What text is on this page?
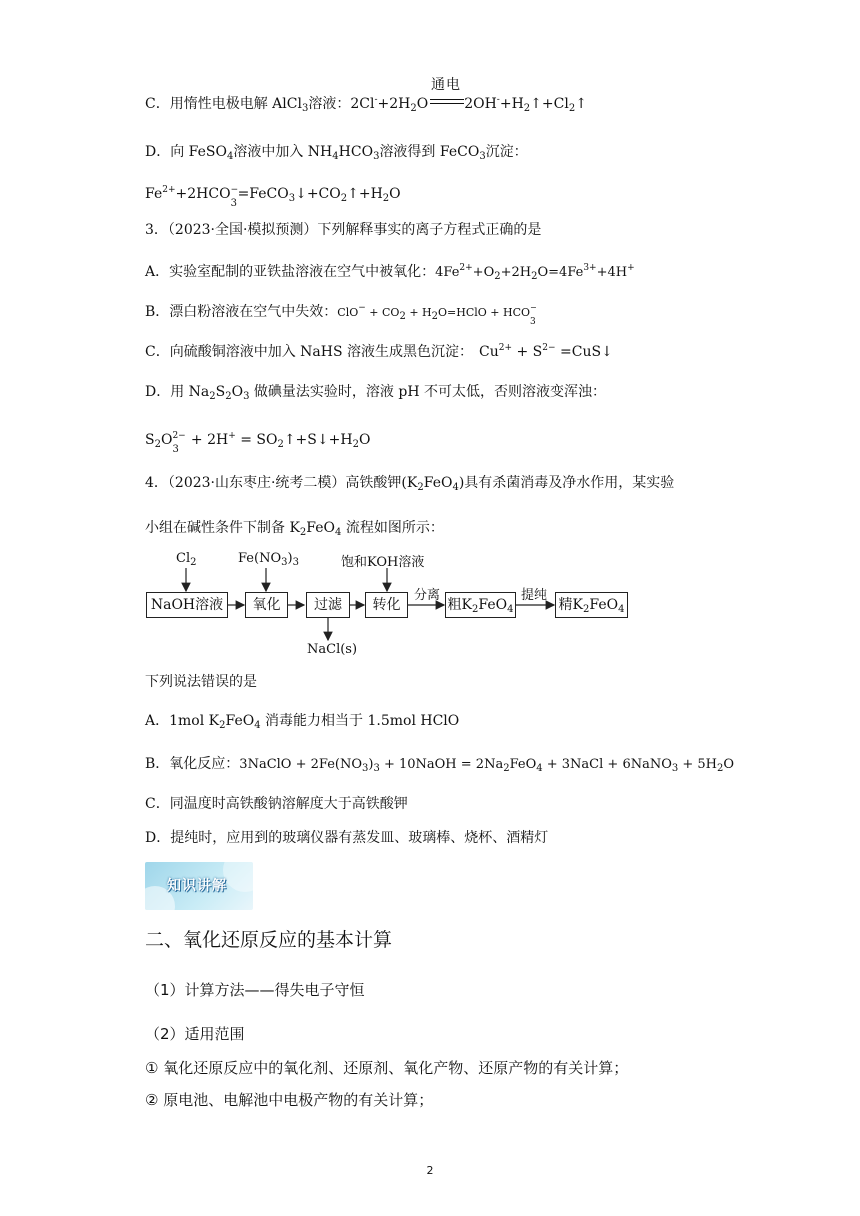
C．用惰性电极电解 AlCl$_3$溶液：$2Cl^-+2H_2O$	$2OH^-+H_2↑+Cl_2↑$
通电
D．向 FeSO$_4$溶液中加入 $NH_4HCO_3$溶液得到 FeCO$_3$沉淀：
$Fe^{2+}+2HCO$
3
− $=FeCO_3↓+CO_2↑+H_2O$
3．（2023·全国·模拟预测）下列解释事实的离子方程式正确的是
A．实验室配制的亚铁盐溶液在空气中被氧化：$4Fe^{2+}+O_2+2H_2O=4Fe^{3+}+4H^+$
B．漂白粉溶液在空气中失效：ClO− + CO2 + H2O=HClO + HCO
3
−
C．向硫酸铜溶液中加入 NaHS 溶液生成黑色沉淀： $Cu^{2+} + S^{2-}$ =CuS↓
D．用 $Na_2S_2O_3$ 做碘量法实验时，溶液 pH 不可太低，否则溶液变浑浊：
$S_2O$
3
$2- + 2H^+ = SO_2↑+S↓+H_2O$
4．（2023·山东枣庄·统考二模）高铁酸钾$(K_2FeO_4)$具有杀菌消毒及净水作用，某实验
小组在碱性条件下制备 $K_2FeO_4$ 流程如图所示：
NaOH溶液	氧化	过滤	转化	粗$K_2FeO_4$	精$K_2FeO_4$
$Cl_2$	$Fe(NO_3)_3$	饱和KOH溶液
分离	提纯
NaCl(s)
下列说法错误的是
A．1mol $K_2FeO_4$ 消毒能力相当于 1.5mol HClO
B．氧化反应：3NaClO + $2Fe(NO_3)_3$ + 10NaOH = $2Na_2FeO_4$ + 3NaCl + 6NaNO$_3$ + $5H_2O$
C．同温度时高铁酸钠溶解度大于高铁酸钾
D．提纯时，应用到的玻璃仪器有蒸发皿、玻璃棒、烧杯、酒精灯
知识讲解
二、氧化还原反应的基本计算
（1）计算方法——得失电子守恒
（2）适用范围
① 氧化还原反应中的氧化剂、还原剂、氧化产物、还原产物的有关计算；
② 原电池、电解池中电极产物的有关计算；
2
